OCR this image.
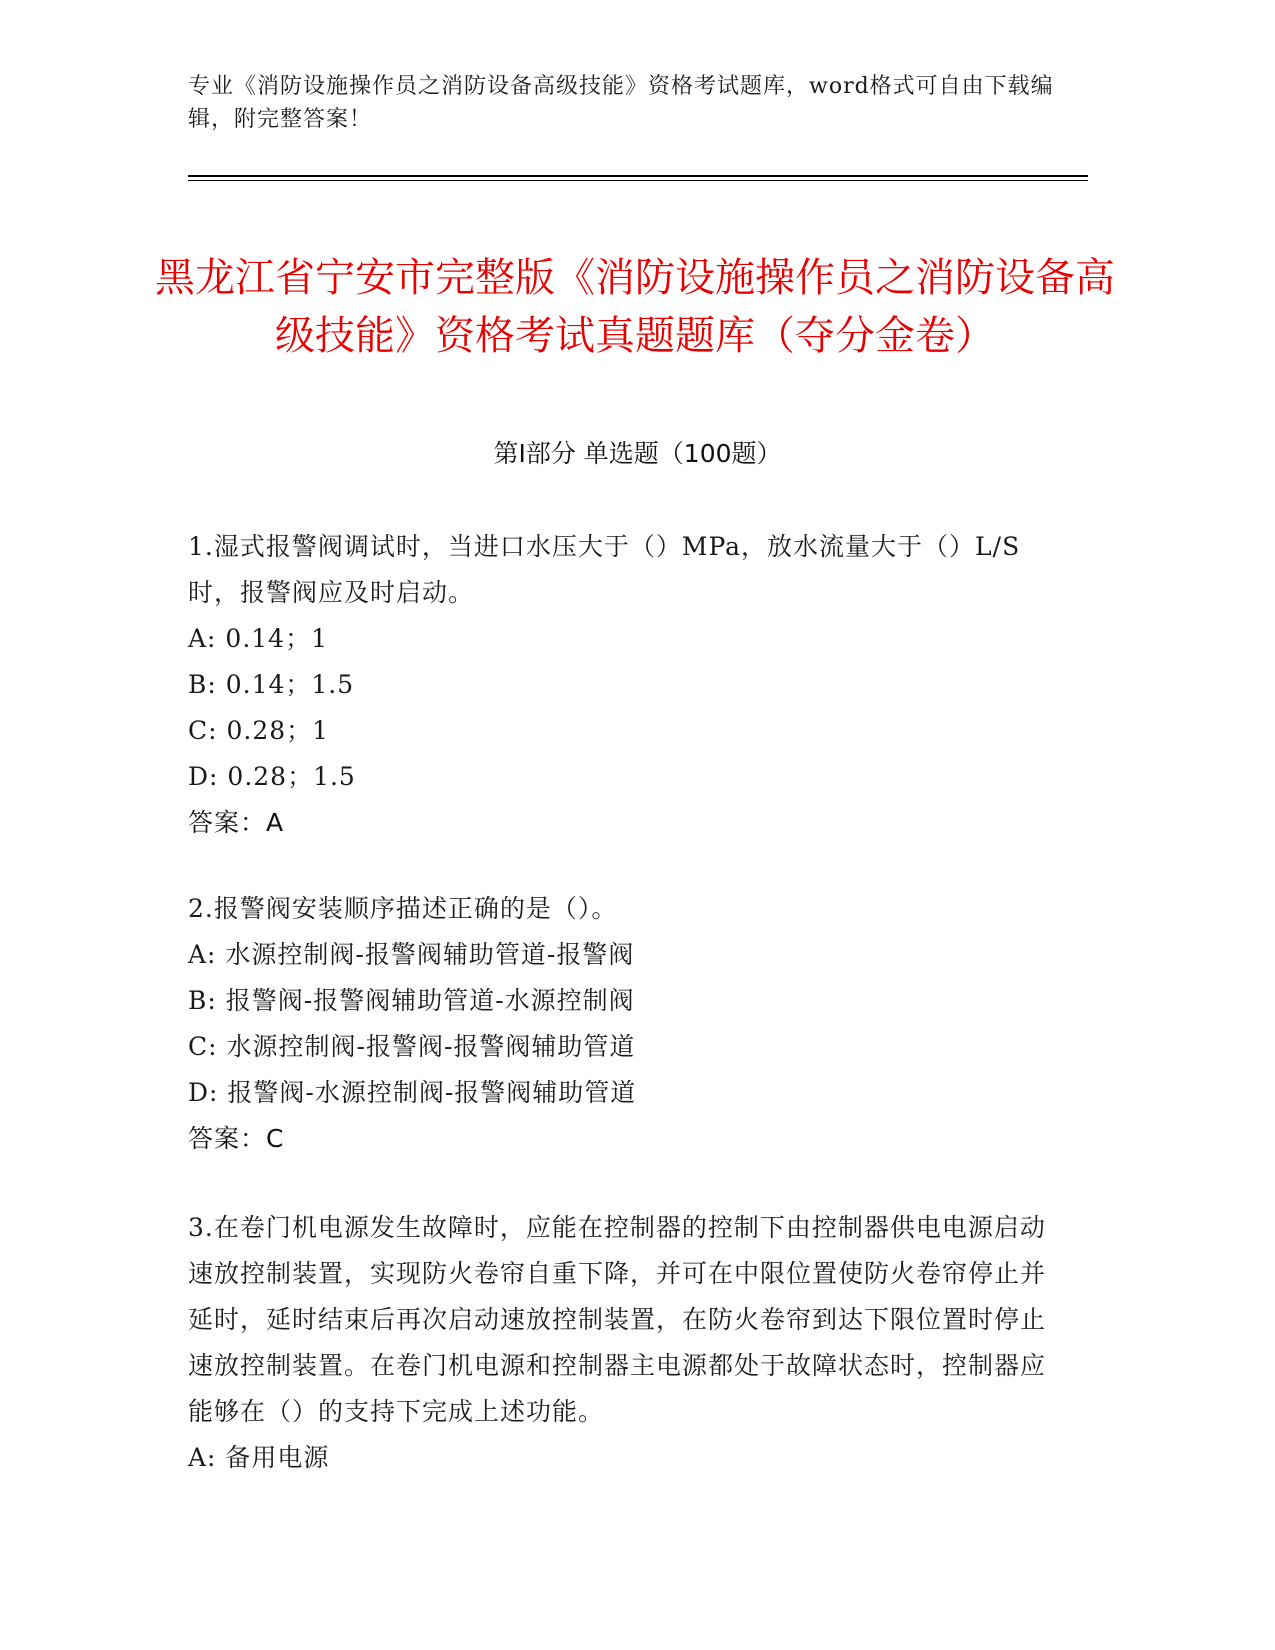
专业《消防设施操作员之消防设备高级技能》资格考试题库，word格式可自由下载编辑，附完整答案！
黑龙江省宁安市完整版《消防设施操作员之消防设备高级技能》资格考试真题题库（夺分金卷）
第I部分 单选题（100题）

1.湿式报警阀调试时，当进口水压大于（）MPa，放水流量大于（）L/S时，报警阀应及时启动。

A: 0.14；1

B: 0.14；1.5

C: 0.28；1

D: 0.28；1.5

答案：A

2.报警阀安装顺序描述正确的是（）。

A: 水源控制阀-报警阀辅助管道-报警阀

B: 报警阀-报警阀辅助管道-水源控制阀

C: 水源控制阀-报警阀-报警阀辅助管道

D: 报警阀-水源控制阀-报警阀辅助管道

答案：C

3.在卷门机电源发生故障时，应能在控制器的控制下由控制器供电电源启动速放控制装置，实现防火卷帘自重下降，并可在中限位置使防火卷帘停止并延时，延时结束后再次启动速放控制装置，在防火卷帘到达下限位置时停止速放控制装置。在卷门机电源和控制器主电源都处于故障状态时，控制器应能够在（）的支持下完成上述功能。

A: 备用电源
